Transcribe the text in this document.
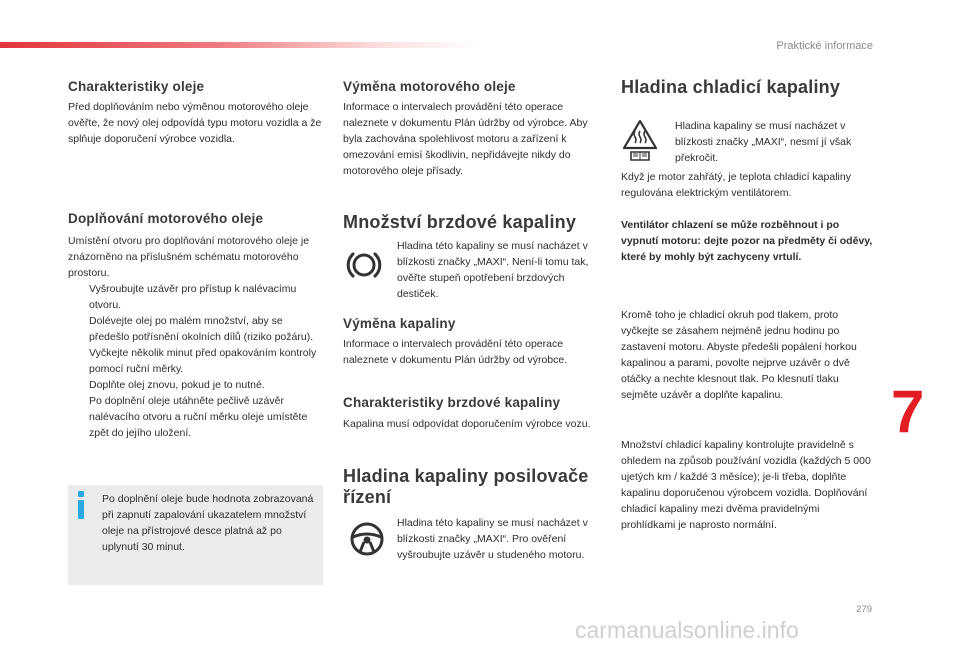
Praktické informace
7
279
carmanualsonline.info
Charakteristiky oleje

Před doplňováním nebo výměnou motorového oleje ověřte, že nový olej odpovídá typu motoru vozidla a že splňuje doporučení výrobce vozidla.

Doplňování motorového oleje

Umístění otvoru pro doplňování motorového oleje je znázorněno na příslušném schématu motorového prostoru.

Vyšroubujte uzávěr pro přístup k nalévacímu otvoru.
Dolévejte olej po malém množství, aby se předešlo potřísnění okolních dílů (riziko požáru).
Vyčkejte několik minut před opakováním kontroly pomocí ruční měrky.
Doplňte olej znovu, pokud je to nutné.
Po doplnění oleje utáhněte pečlivě uzávěr nalévacího otvoru a ruční měrku oleje umístěte zpět do jejího uložení.

Po doplnění oleje bude hodnota zobrazovaná při zapnutí zapalování ukazatelem množství oleje na přístrojové desce platná až po uplynutí 30 minut.

Výměna motorového oleje

Informace o intervalech provádění této operace naleznete v dokumentu Plán údržby od výrobce. Aby byla zachována spolehlivost motoru a zařízení k omezování emisí škodlivin, nepřidávejte nikdy do motorového oleje přísady.

Množství brzdové kapaliny

Hladina této kapaliny se musí nacházet v blízkosti značky „MAXI“. Není-li tomu tak, ověřte stupeň opotřebení brzdových destiček.

Výměna kapaliny

Informace o intervalech provádění této operace naleznete v dokumentu Plán údržby od výrobce.

Charakteristiky brzdové kapaliny

Kapalina musí odpovídat doporučením výrobce vozu.

Hladina kapaliny posilovače řízení

Hladina této kapaliny se musí nacházet v blízkosti značky „MAXI“. Pro ověření vyšroubujte uzávěr u studeného motoru.

Hladina chladicí kapaliny

Hladina kapaliny se musí nacházet v blízkosti značky „MAXI“, nesmí jí však překročit.

Když je motor zahřátý, je teplota chladicí kapaliny regulována elektrickým ventilátorem.

Ventilátor chlazení se může rozběhnout i po vypnutí motoru: dejte pozor na předměty či oděvy, které by mohly být zachyceny vrtulí.

Kromě toho je chladicí okruh pod tlakem, proto vyčkejte se zásahem nejméně jednu hodinu po zastavení motoru. Abyste předešli popálení horkou kapalinou a parami, povolte nejprve uzávěr o dvě otáčky a nechte klesnout tlak. Po klesnutí tlaku sejměte uzávěr a doplňte kapalinu.

Množství chladicí kapaliny kontrolujte pravidelně s ohledem na způsob používání vozidla (každých 5 000 ujetých km / každé 3 měsíce); je-li třeba, doplňte kapalinu doporučenou výrobcem vozidla. Doplňování chladicí kapaliny mezi dvěma pravidelnými prohlídkami je naprosto normální.
